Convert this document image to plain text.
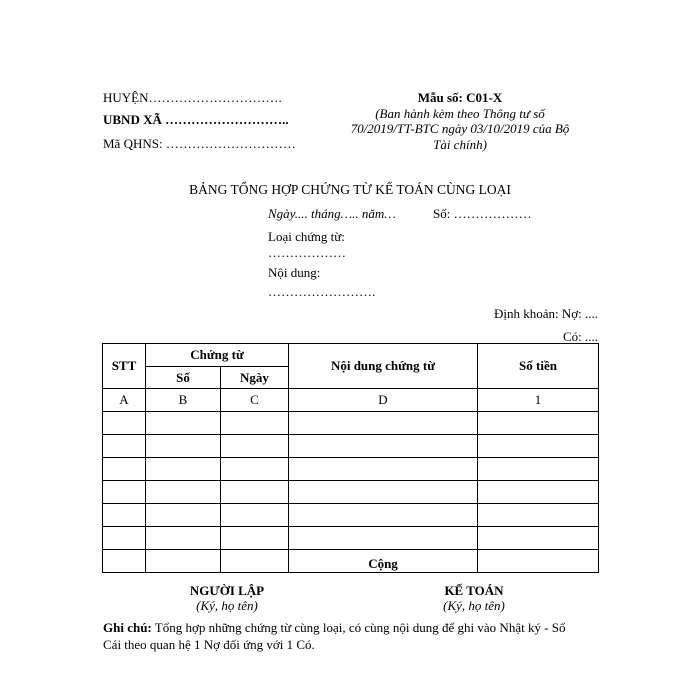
HUYỆN………………………….
UBND XÃ ………………………..
Mã QHNS: …………………………
Mẫu số: C01-X
(Ban hành kèm theo Thông tư số
70/2019/TT-BTC ngày 03/10/2019 của Bộ
Tài chính)
BẢNG TỔNG HỢP CHỨNG TỪ KẾ TOÁN CÙNG LOẠI
Ngày.... tháng….. năm…	Số: ………………
Loại chứng từ:
………………
Nội dung:
…………………….
Định khoản: Nợ: ....
Có: ....
STT	Chứng từ		Nội dung chứng từ	Số tiền
	Số	Ngày		
A	B	C	D	1

			Cộng	
NGƯỜI LẬP
(Ký, họ tên)
KẾ TOÁN
(Ký, họ tên)
Ghi chú: Tổng hợp những chứng từ cùng loại, có cùng nội dung để ghi vào Nhật ký - Sổ
Cái theo quan hệ 1 Nợ đối ứng với 1 Có.
